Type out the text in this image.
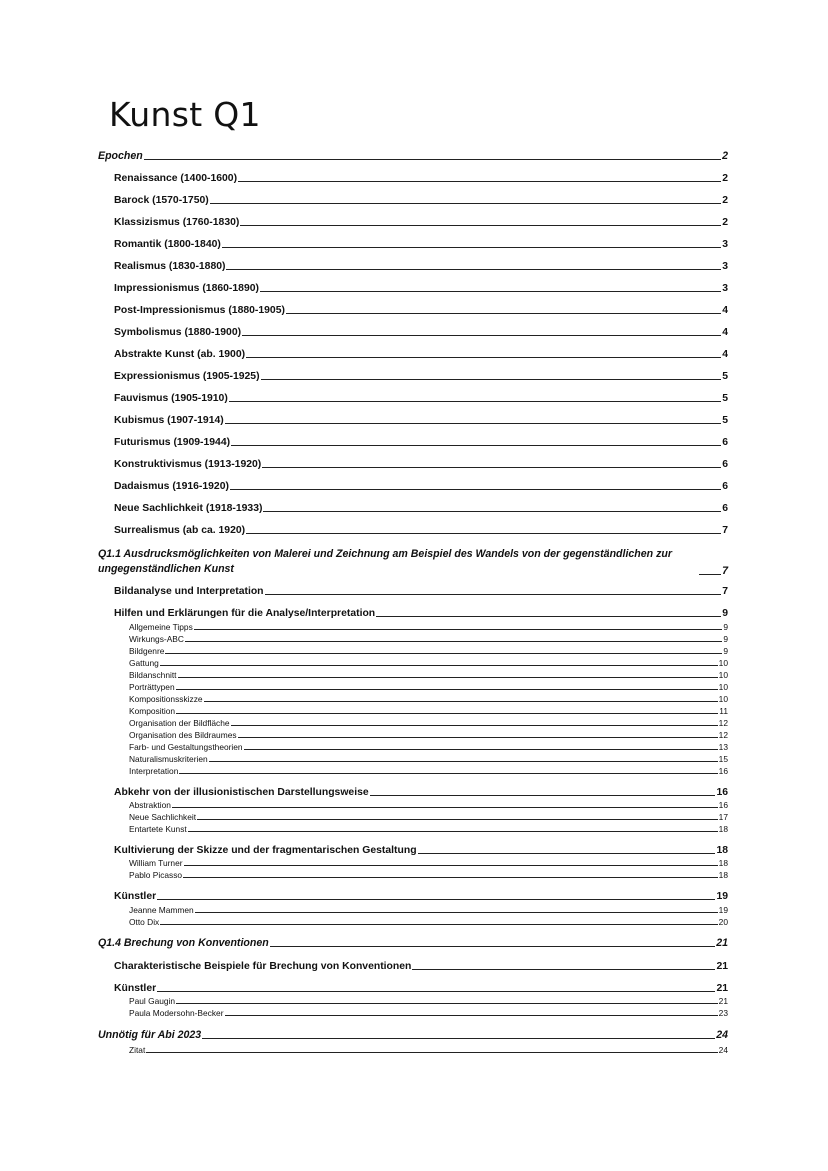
Kunst Q1
Epochen	2
Renaissance (1400-1600)	2
Barock (1570-1750)	2
Klassizismus (1760-1830)	2
Romantik (1800-1840)	3
Realismus (1830-1880)	3
Impressionismus (1860-1890)	3
Post-Impressionismus (1880-1905)	4
Symbolismus (1880-1900)	4
Abstrakte Kunst (ab. 1900)	4
Expressionismus (1905-1925)	5
Fauvismus (1905-1910)	5
Kubismus (1907-1914)	5
Futurismus (1909-1944)	6
Konstruktivismus (1913-1920)	6
Dadaismus (1916-1920)	6
Neue Sachlichkeit (1918-1933)	6
Surrealismus (ab ca. 1920)	7
Q1.1 Ausdrucksmöglichkeiten von Malerei und Zeichnung am Beispiel des Wandels von der gegenständlichen zur ungegenständlichen Kunst	7
Bildanalyse und Interpretation	7
Hilfen und Erklärungen für die Analyse/Interpretation	9
Allgemeine Tipps	9
Wirkungs-ABC	9
Bildgenre	9
Gattung	10
Bildanschnitt	10
Porträttypen	10
Kompositionsskizze	10
Komposition	11
Organisation der Bildfläche	12
Organisation des Bildraumes	12
Farb- und Gestaltungstheorien	13
Naturalismuskriterien	15
Interpretation	16
Abkehr von der illusionistischen Darstellungsweise	16
Abstraktion	16
Neue Sachlichkeit	17
Entartete Kunst	18
Kultivierung der Skizze und der fragmentarischen Gestaltung	18
William Turner	18
Pablo Picasso	18
Künstler	19
Jeanne Mammen	19
Otto Dix	20
Q1.4 Brechung von Konventionen	21
Charakteristische Beispiele für Brechung von Konventionen	21
Künstler	21
Paul Gaugin	21
Paula Modersohn-Becker	23
Unnötig für Abi 2023	24
Zitat	24
